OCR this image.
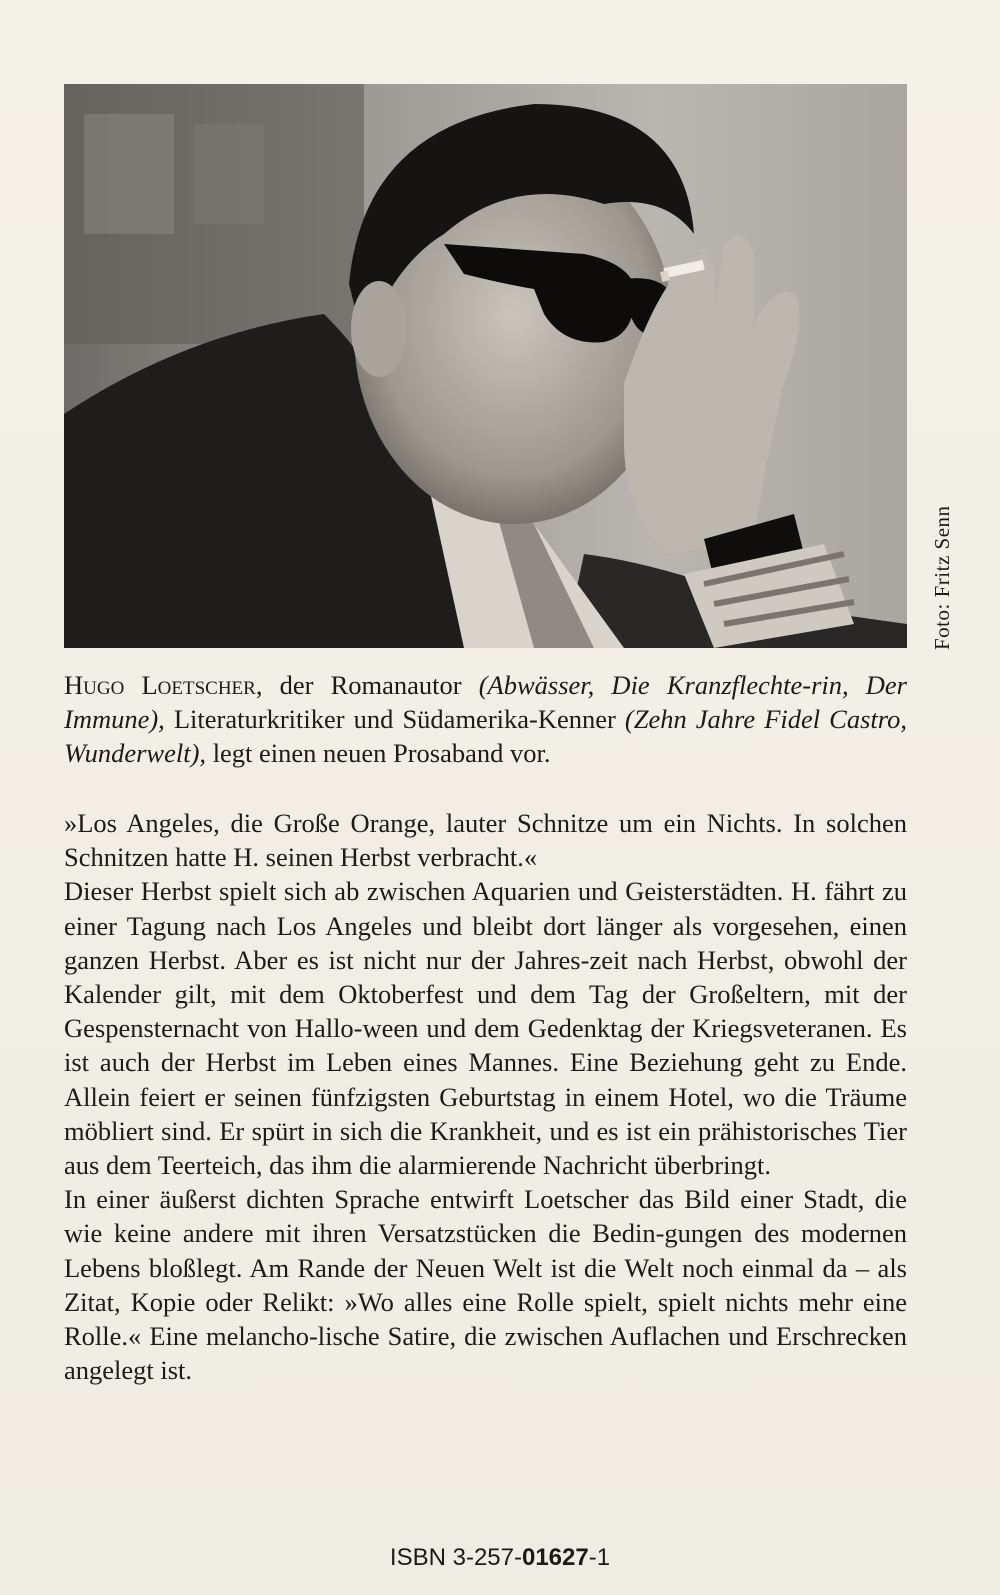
Foto: Fritz Senn
Hugo Loetscher, der Romanautor (Abwässer, Die Kranzflechte-rin, Der Immune), Literaturkritiker und Südamerika-Kenner (Zehn Jahre Fidel Castro, Wunderwelt), legt einen neuen Prosaband vor.

»Los Angeles, die Große Orange, lauter Schnitze um ein Nichts. In solchen Schnitzen hatte H. seinen Herbst verbracht.«

Dieser Herbst spielt sich ab zwischen Aquarien und Geisterstädten. H. fährt zu einer Tagung nach Los Angeles und bleibt dort länger als vorgesehen, einen ganzen Herbst. Aber es ist nicht nur der Jahres-zeit nach Herbst, obwohl der Kalender gilt, mit dem Oktoberfest und dem Tag der Großeltern, mit der Gespensternacht von Hallo-ween und dem Gedenktag der Kriegsveteranen. Es ist auch der Herbst im Leben eines Mannes. Eine Beziehung geht zu Ende. Allein feiert er seinen fünfzigsten Geburtstag in einem Hotel, wo die Träume möbliert sind. Er spürt in sich die Krankheit, und es ist ein prähistorisches Tier aus dem Teerteich, das ihm die alarmierende Nachricht überbringt.

In einer äußerst dichten Sprache entwirft Loetscher das Bild einer Stadt, die wie keine andere mit ihren Versatzstücken die Bedin-gungen des modernen Lebens bloßlegt. Am Rande der Neuen Welt ist die Welt noch einmal da – als Zitat, Kopie oder Relikt: »Wo alles eine Rolle spielt, spielt nichts mehr eine Rolle.« Eine melancho-lische Satire, die zwischen Auflachen und Erschrecken angelegt ist.

ISBN 3-257-01627-1
